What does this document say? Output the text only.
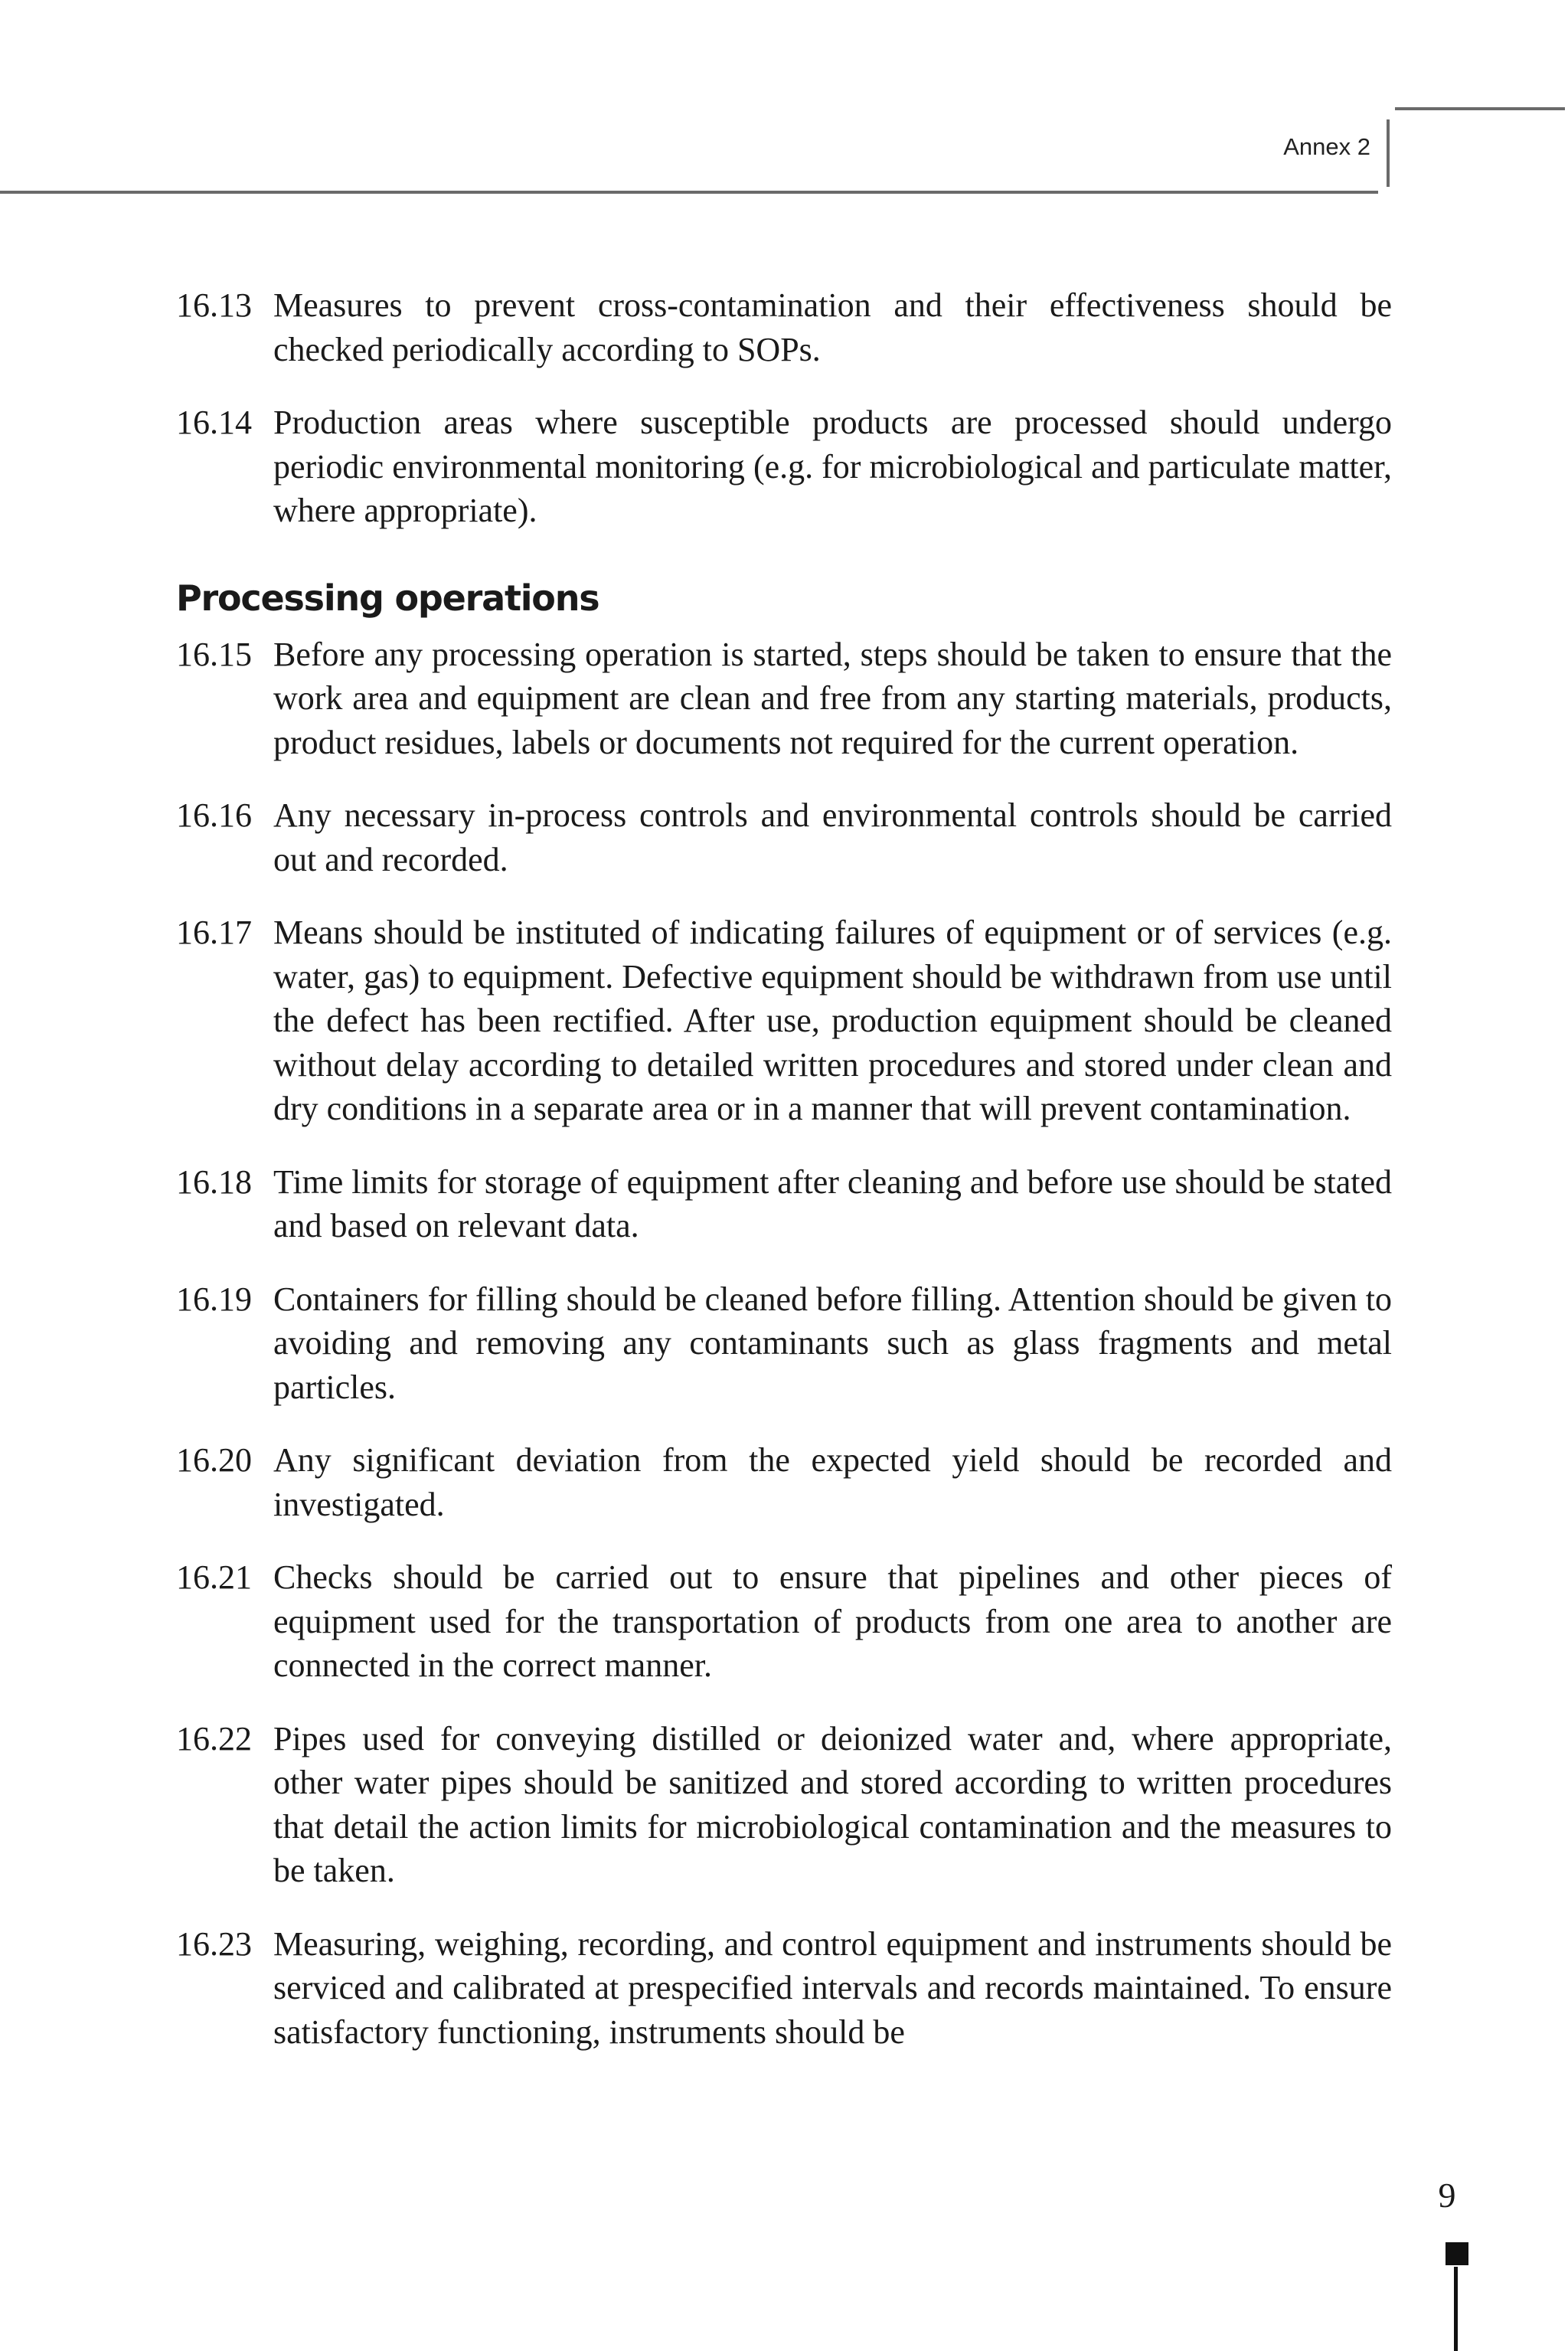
Annex 2
16.13 Measures to prevent cross-contamination and their effectiveness should be checked periodically according to SOPs.
16.14 Production areas where susceptible products are processed should undergo periodic environmental monitoring (e.g. for microbiological and particulate matter, where appropriate).
Processing operations
16.15 Before any processing operation is started, steps should be taken to ensure that the work area and equipment are clean and free from any starting materials, products, product residues, labels or documents not required for the current operation.
16.16 Any necessary in-process controls and environmental controls should be carried out and recorded.
16.17 Means should be instituted of indicating failures of equipment or of services (e.g. water, gas) to equipment. Defective equipment should be withdrawn from use until the defect has been rectified. After use, production equipment should be cleaned without delay according to detailed written procedures and stored under clean and dry conditions in a separate area or in a manner that will prevent contamination.
16.18 Time limits for storage of equipment after cleaning and before use should be stated and based on relevant data.
16.19 Containers for filling should be cleaned before filling. Attention should be given to avoiding and removing any contaminants such as glass fragments and metal particles.
16.20 Any significant deviation from the expected yield should be recorded and investigated.
16.21 Checks should be carried out to ensure that pipelines and other pieces of equipment used for the transportation of products from one area to another are connected in the correct manner.
16.22 Pipes used for conveying distilled or deionized water and, where appropriate, other water pipes should be sanitized and stored according to written procedures that detail the action limits for microbiological contamination and the measures to be taken.
16.23 Measuring, weighing, recording, and control equipment and instruments should be serviced and calibrated at prespecified intervals and records maintained. To ensure satisfactory functioning, instruments should be
9
